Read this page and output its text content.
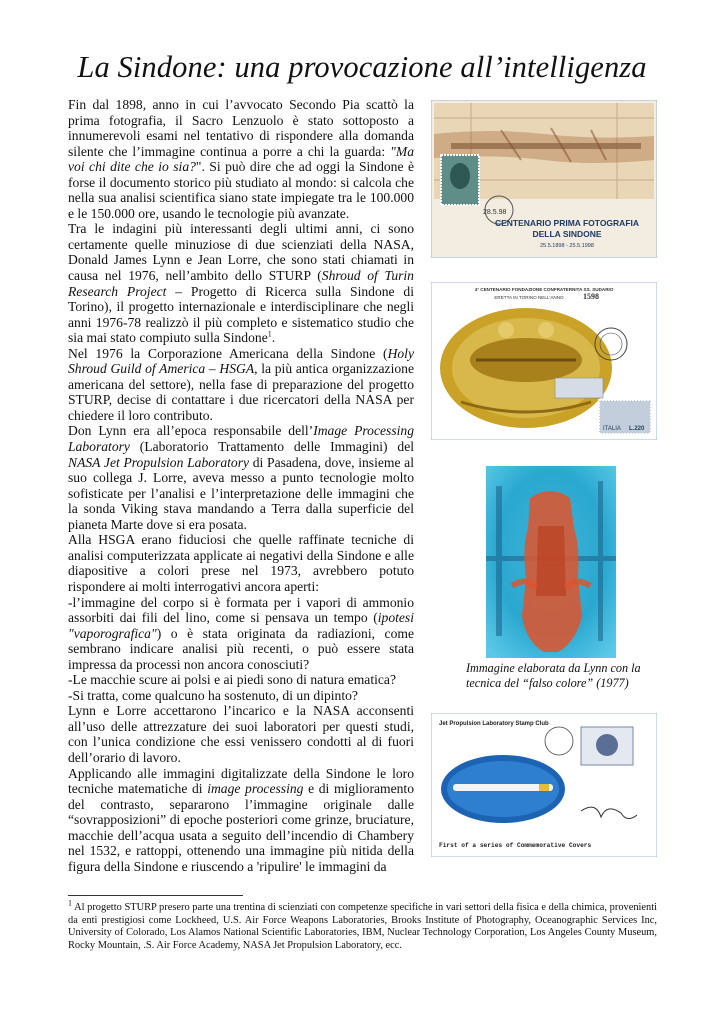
La Sindone: una provocazione all’intelligenza

Fin dal 1898, anno in cui l’avvocato Secondo Pia scattò la prima fotografia, il Sacro Lenzuolo è stato sottoposto a innumerevoli esami nel tentativo di rispondere alla domanda silente che l’immagine continua a porre a chi la guarda: "Ma voi chi dite che io sia?". Si può dire che ad oggi la Sindone è forse il documento storico più studiato al mondo: si calcola che nella sua analisi scientifica siano state impiegate tra le 100.000 e le 150.000 ore, usando le tecnologie più avanzate.

Tra le indagini più interessanti degli ultimi anni, ci sono certamente quelle minuziose di due scienziati della NASA, Donald James Lynn e Jean Lorre, che sono stati chiamati in causa nel 1976, nell’ambito dello STURP (Shroud of Turin Research Project – Progetto di Ricerca sulla Sindone di Torino), il progetto internazionale e interdisciplinare che negli anni 1976-78 realizzò il più completo e sistematico studio che sia mai stato compiuto sulla Sindone$^1$.

Nel 1976 la Corporazione Americana della Sindone (Holy Shroud Guild of America – HSGA, la più antica organizzazione americana del settore), nella fase di preparazione del progetto STURP, decise di contattare i due ricercatori della NASA per chiedere il loro contributo.

Don Lynn era all’epoca responsabile dell’Image Processing Laboratory (Laboratorio Trattamento delle Immagini) del NASA Jet Propulsion Laboratory di Pasadena, dove, insieme al suo collega J. Lorre, aveva messo a punto tecnologie molto sofisticate per l’analisi e l’interpretazione delle immagini che la sonda Viking stava mandando a Terra dalla superficie del pianeta Marte dove si era posata.

Alla HSGA erano fiduciosi che quelle raffinate tecniche di analisi computerizzata applicate ai negativi della Sindone e alle diapositive a colori prese nel 1973, avrebbero potuto rispondere ai molti interrogativi ancora aperti:

-l’immagine del corpo si è formata per i vapori di ammonio assorbiti dai fili del lino, come si pensava un tempo (ipotesi "vaporografica") o è stata originata da radiazioni, come sembrano indicare analisi più recenti, o può essere stata impressa da processi non ancora conosciuti?

-Le macchie scure ai polsi e ai piedi sono di natura ematica?

-Si tratta, come qualcuno ha sostenuto, di un dipinto?

Lynn e Lorre accettarono l’incarico e la NASA acconsenti all’uso delle attrezzature dei suoi laboratori per questi studi, con l’unica condizione che essi venissero condotti al di fuori dell’orario di lavoro.

Applicando alle immagini digitalizzate della Sindone le loro tecniche matematiche di image processing e di miglioramento del contrasto, separarono l’immagine originale dalle “sovrapposizioni” di epoche posteriori come grinze, bruciature, macchie dell’acqua usata a seguito dell’incendio di Chambery nel 1532, e rattoppi, ottenendo una immagine più nitida della figura della Sindone e riuscendo a 'ripulire' le immagini da

28.5.98
CENTENARIO PRIMA FOTOGRAFIA
DELLA SINDONE
25.5.1898 - 25.5.1998
4° CENTENARIO FONDAZIONE CONFRATERNITA SS. SUDARIO
ERETTA IN TORINO NELL'ANNO 1598
ITALIA L.220
Immagine elaborata da Lynn con la tecnica del “falso colore” (1977)
Jet Propulsion Laboratory Stamp Club
First of a series of Commemorative Covers
$^1$ Al progetto STURP presero parte una trentina di scienziati con competenze specifiche in vari settori della fisica e della chimica, provenienti da enti prestigiosi come Lockheed, U.S. Air Force Weapons Laboratories, Brooks Institute of Photography, Oceanographic Services Inc, University of Colorado, Los Alamos National Scientific Laboratories, IBM, Nuclear Technology Corporation, Los Angeles County Museum, Rocky Mountain, .S. Air Force Academy, NASA Jet Propulsion Laboratory, ecc.
